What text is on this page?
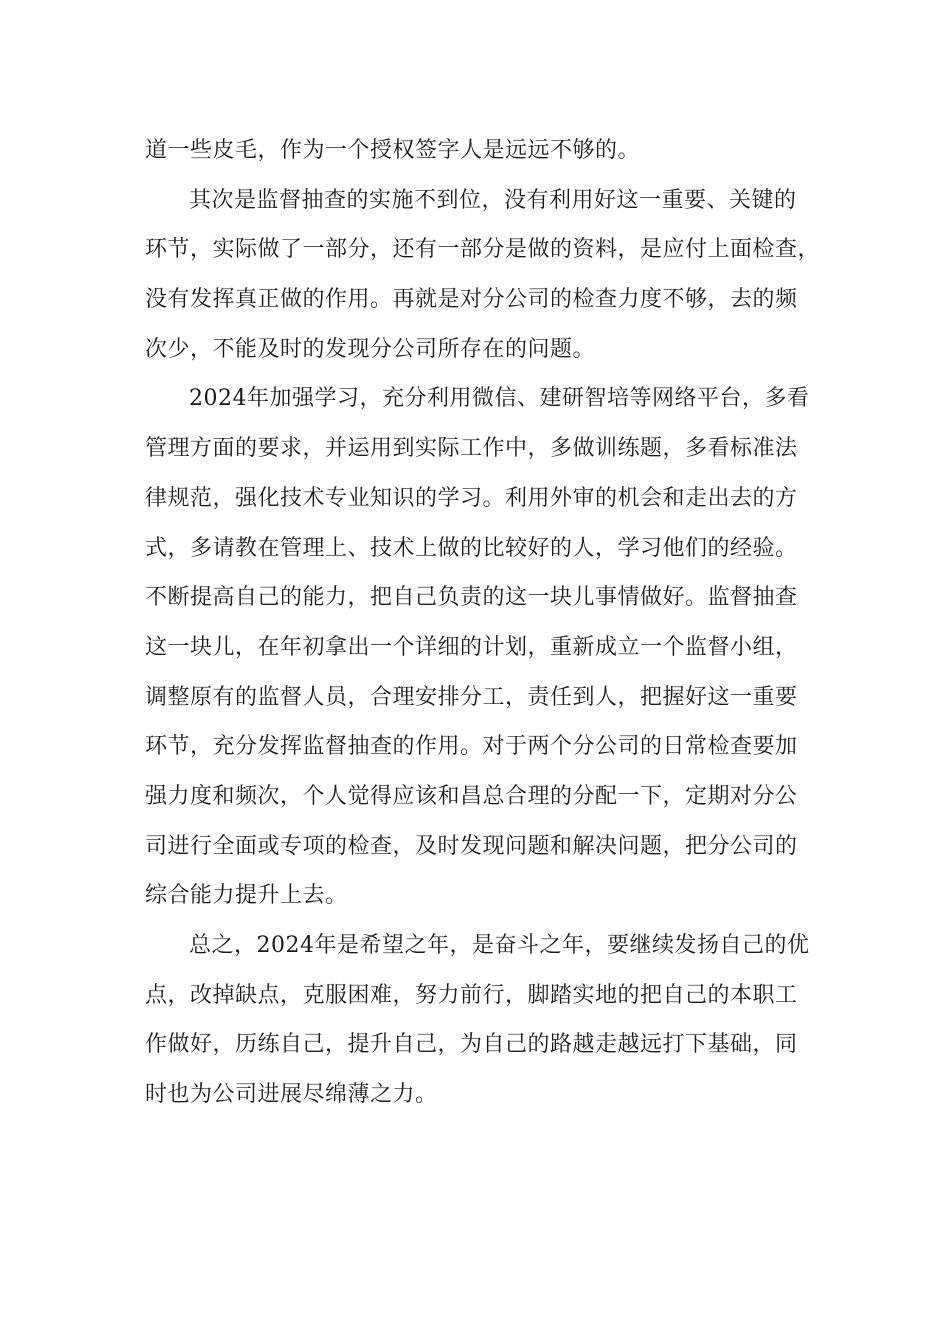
道一些皮毛，作为一个授权签字人是远远不够的。
其次是监督抽查的实施不到位，没有利用好这一重要、关键的
环节，实际做了一部分，还有一部分是做的资料，是应付上面检查，
没有发挥真正做的作用。再就是对分公司的检查力度不够，去的频
次少，不能及时的发现分公司所存在的问题。
2024年加强学习，充分利用微信、建研智培等网络平台，多看
管理方面的要求，并运用到实际工作中，多做训练题，多看标准法
律规范，强化技术专业知识的学习。利用外审的机会和走出去的方
式，多请教在管理上、技术上做的比较好的人，学习他们的经验。
不断提高自己的能力，把自己负责的这一块儿事情做好。监督抽查
这一块儿，在年初拿出一个详细的计划，重新成立一个监督小组，
调整原有的监督人员，合理安排分工，责任到人，把握好这一重要
环节，充分发挥监督抽查的作用。对于两个分公司的日常检查要加
强力度和频次，个人觉得应该和昌总合理的分配一下，定期对分公
司进行全面或专项的检查，及时发现问题和解决问题，把分公司的
综合能力提升上去。
总之，2024年是希望之年，是奋斗之年，要继续发扬自己的优
点，改掉缺点，克服困难，努力前行，脚踏实地的把自己的本职工
作做好，历练自己，提升自己，为自己的路越走越远打下基础，同
时也为公司进展尽绵薄之力。
